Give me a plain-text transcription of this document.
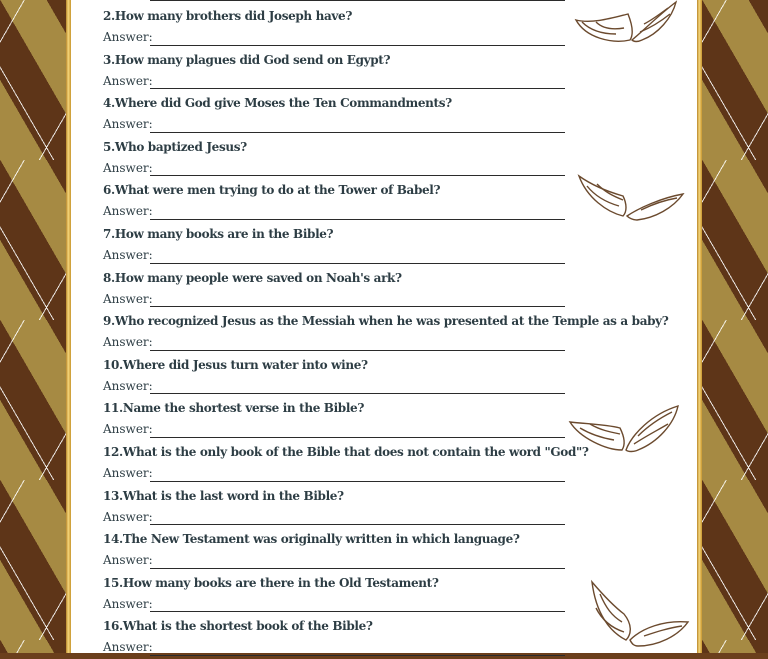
2.How many brothers did Joseph have?
Answer:
3.How many plagues did God send on Egypt?
Answer:
4.Where did God give Moses the Ten Commandments?
Answer:
5.Who baptized Jesus?
Answer:
6.What were men trying to do at the Tower of Babel?
Answer:
7.How many books are in the Bible?
Answer:
8.How many people were saved on Noah's ark?
Answer:
9.Who recognized Jesus as the Messiah when he was presented at the Temple as a baby?
Answer:
10.Where did Jesus turn water into wine?
Answer:
11.Name the shortest verse in the Bible?
Answer:
12.What is the only book of the Bible that does not contain the word "God"?
Answer:
13.What is the last word in the Bible?
Answer:
14.The New Testament was originally written in which language?
Answer:
15.How many books are there in the Old Testament?
Answer:
16.What is the shortest book of the Bible?
Answer:
